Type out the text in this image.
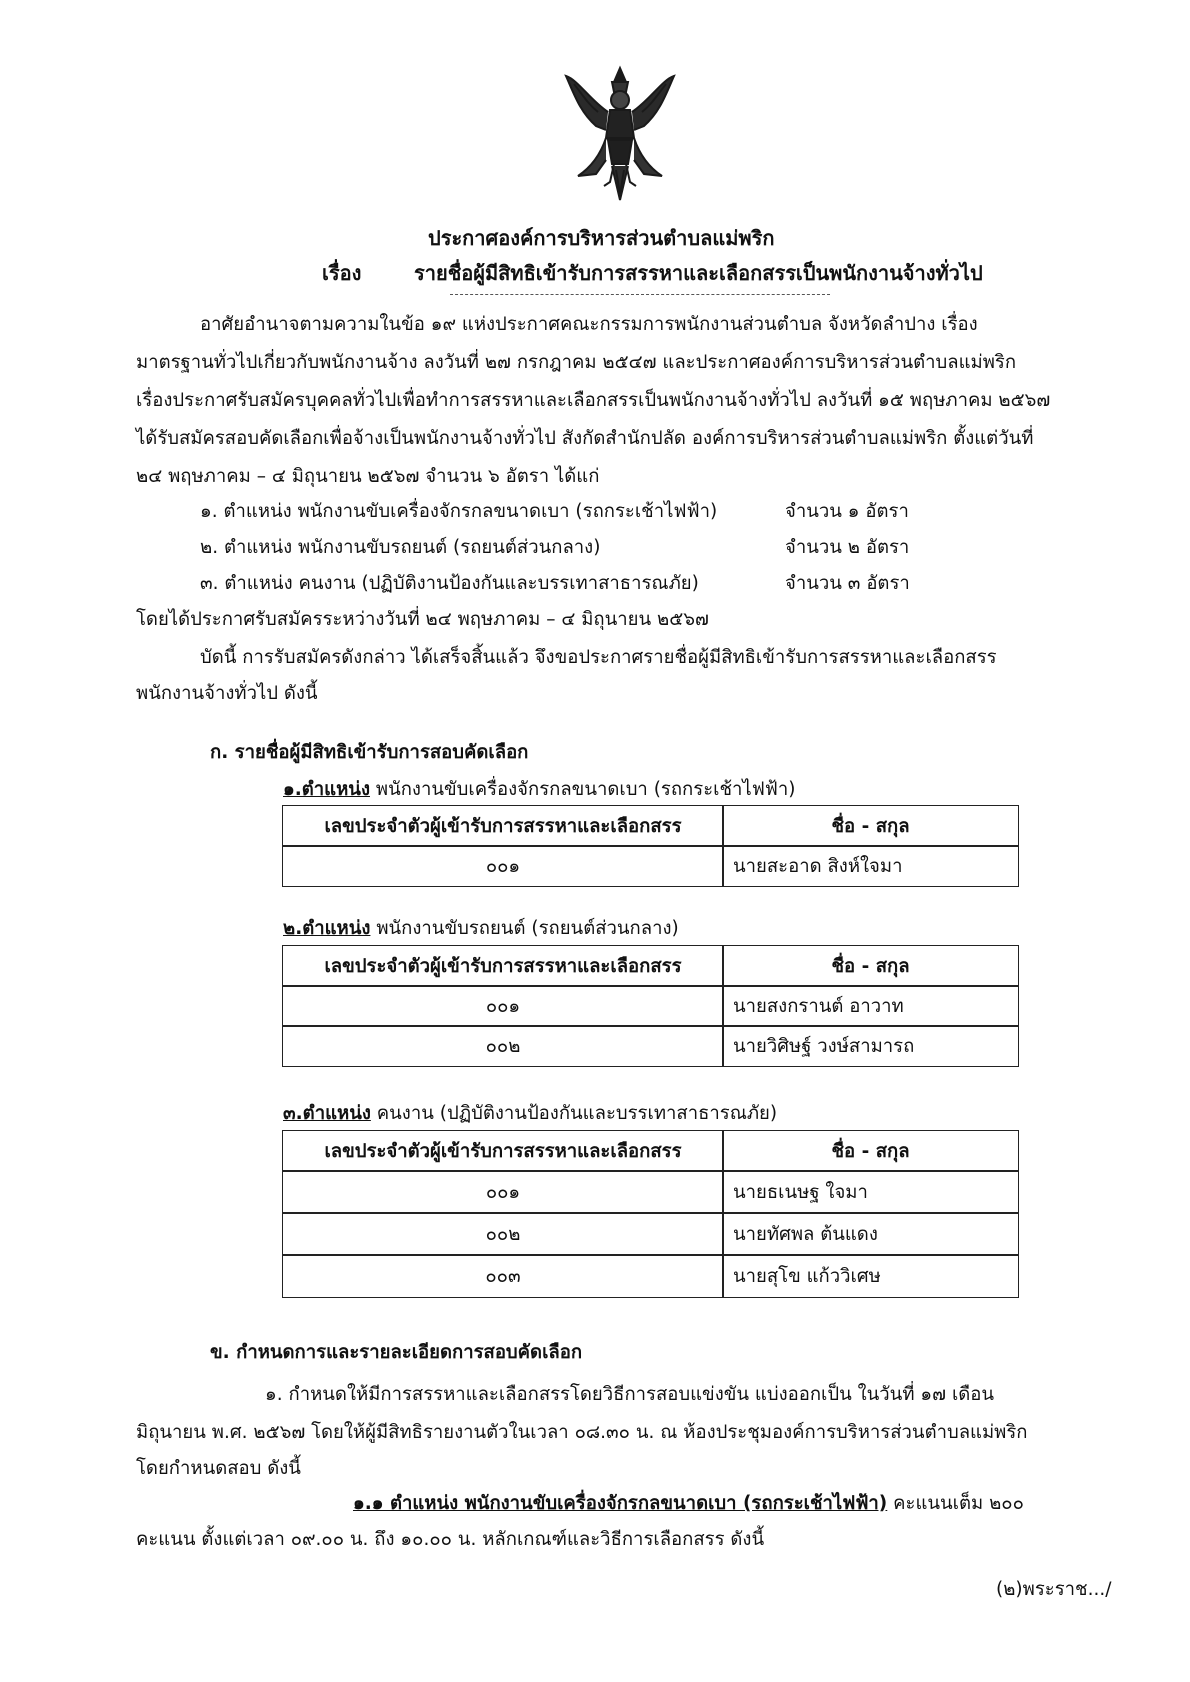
ประกาศองค์การบริหารส่วนตำบลแม่พริก
เรื่อง	รายชื่อผู้มีสิทธิเข้ารับการสรรหาและเลือกสรรเป็นพนักงานจ้างทั่วไป
อาศัยอำนาจตามความในข้อ ๑๙ แห่งประกาศคณะกรรมการพนักงานส่วนตำบล จังหวัดลำปาง เรื่อง
มาตรฐานทั่วไปเกี่ยวกับพนักงานจ้าง ลงวันที่ ๒๗ กรกฎาคม ๒๕๔๗ และประกาศองค์การบริหารส่วนตำบลแม่พริก
เรื่องประกาศรับสมัครบุคคลทั่วไปเพื่อทำการสรรหาและเลือกสรรเป็นพนักงานจ้างทั่วไป ลงวันที่ ๑๕ พฤษภาคม ๒๕๖๗
ได้รับสมัครสอบคัดเลือกเพื่อจ้างเป็นพนักงานจ้างทั่วไป สังกัดสำนักปลัด องค์การบริหารส่วนตำบลแม่พริก ตั้งแต่วันที่
๒๔ พฤษภาคม – ๔ มิถุนายน ๒๕๖๗ จำนวน ๖ อัตรา ได้แก่
๑. ตำแหน่ง พนักงานขับเครื่องจักรกลขนาดเบา (รถกระเช้าไฟฟ้า)	จำนวน ๑ อัตรา
๒. ตำแหน่ง พนักงานขับรถยนต์ (รถยนต์ส่วนกลาง)	จำนวน ๒ อัตรา
๓. ตำแหน่ง คนงาน (ปฏิบัติงานป้องกันและบรรเทาสาธารณภัย)	จำนวน ๓ อัตรา
โดยได้ประกาศรับสมัครระหว่างวันที่ ๒๔ พฤษภาคม – ๔ มิถุนายน ๒๕๖๗
บัดนี้ การรับสมัครดังกล่าว ได้เสร็จสิ้นแล้ว จึงขอประกาศรายชื่อผู้มีสิทธิเข้ารับการสรรหาและเลือกสรร
พนักงานจ้างทั่วไป ดังนี้
ก. รายชื่อผู้มีสิทธิเข้ารับการสอบคัดเลือก
๑.ตำแหน่ง พนักงานขับเครื่องจักรกลขนาดเบา (รถกระเช้าไฟฟ้า)
เลขประจำตัวผู้เข้ารับการสรรหาและเลือกสรร	ชื่อ - สกุล
๐๐๑	นายสะอาด สิงห์ใจมา
๒.ตำแหน่ง พนักงานขับรถยนต์ (รถยนต์ส่วนกลาง)
เลขประจำตัวผู้เข้ารับการสรรหาและเลือกสรร	ชื่อ - สกุล
๐๐๑	นายสงกรานต์ อาวาท
๐๐๒	นายวิศิษฐ์ วงษ์สามารถ
๓.ตำแหน่ง คนงาน (ปฏิบัติงานป้องกันและบรรเทาสาธารณภัย)
เลขประจำตัวผู้เข้ารับการสรรหาและเลือกสรร	ชื่อ - สกุล
๐๐๑	นายธเนษฐ ใจมา
๐๐๒	นายทัศพล ต้นแดง
๐๐๓	นายสุโข แก้ววิเศษ
ข. กำหนดการและรายละเอียดการสอบคัดเลือก
๑. กำหนดให้มีการสรรหาและเลือกสรรโดยวิธีการสอบแข่งขัน แบ่งออกเป็น ในวันที่ ๑๗ เดือน
มิถุนายน พ.ศ. ๒๕๖๗ โดยให้ผู้มีสิทธิรายงานตัวในเวลา ๐๘.๓๐ น. ณ ห้องประชุมองค์การบริหารส่วนตำบลแม่พริก
โดยกำหนดสอบ ดังนี้
๑.๑ ตำแหน่ง พนักงานขับเครื่องจักรกลขนาดเบา (รถกระเช้าไฟฟ้า) คะแนนเต็ม ๒๐๐
คะแนน ตั้งแต่เวลา ๐๙.๐๐ น. ถึง ๑๐.๐๐ น. หลักเกณฑ์และวิธีการเลือกสรร ดังนี้
(๒)พระราช.../
